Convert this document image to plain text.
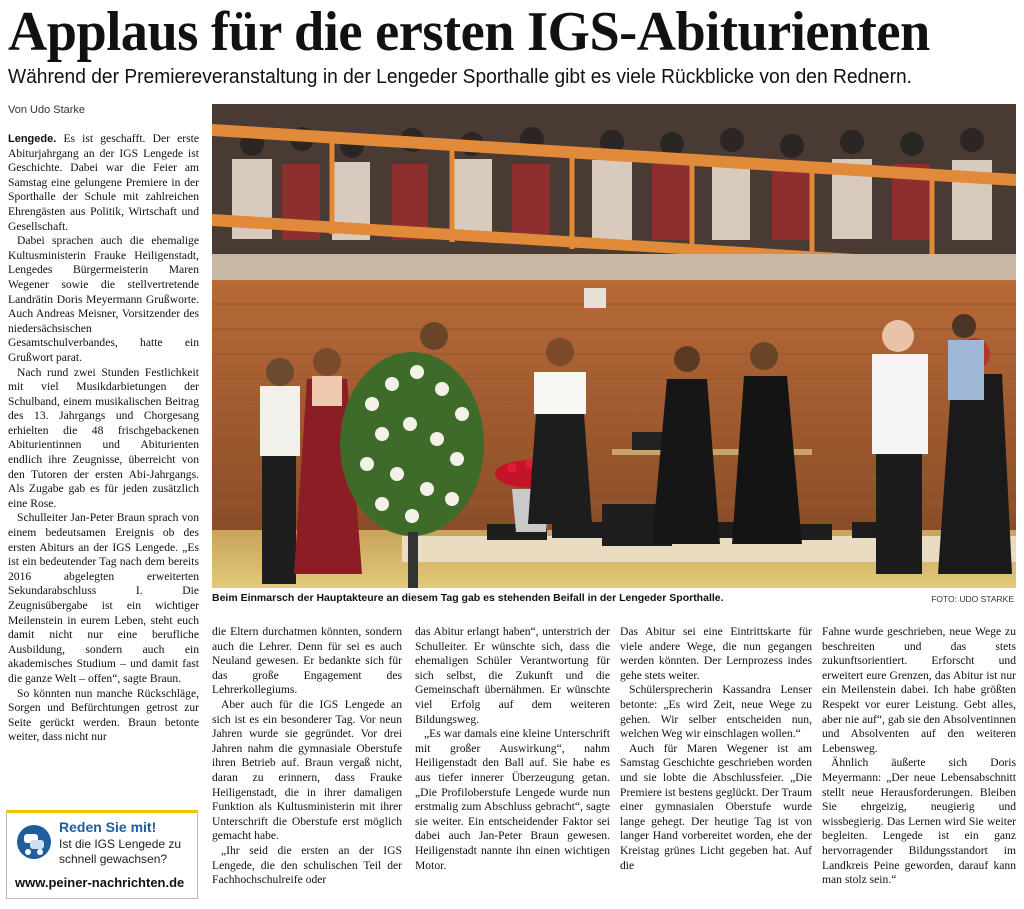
Applaus für die ersten IGS-Abiturienten
Während der Premiereveranstaltung in der Lengeder Sporthalle gibt es viele Rückblicke von den Rednern.
Von Udo Starke

Lengede. Es ist geschafft. Der erste Abiturjahrgang an der IGS Lengede ist Geschichte. Dabei war die Feier am Samstag eine gelungene Premiere in der Sporthalle der Schule mit zahlreichen Ehrengästen aus Politik, Wirtschaft und Gesellschaft.

Dabei sprachen auch die ehemalige Kultusministerin Frauke Heiligenstadt, Lengedes Bürgermeisterin Maren Wegener sowie die stellvertretende Landrätin Doris Meyermann Grußworte. Auch Andreas Meisner, Vorsitzender des niedersächsischen Gesamtschulverbandes, hatte ein Grußwort parat.

Nach rund zwei Stunden Festlichkeit mit viel Musikdarbietungen der Schulband, einem musikalischen Beitrag des 13. Jahrgangs und Chorgesang erhielten die 48 frischgebackenen Abiturientinnen und Abiturienten endlich ihre Zeugnisse, überreicht von den Tutoren der ersten Abi-Jahrgangs. Als Zugabe gab es für jeden zusätzlich eine Rose.

Schulleiter Jan-Peter Braun sprach von einem bedeutsamen Ereignis ob des ersten Abiturs an der IGS Lengede. „Es ist ein bedeutender Tag nach dem bereits 2016 abgelegten erweiterten Sekundarabschluss I. Die Zeugnisübergabe ist ein wichtiger Meilenstein in eurem Leben, steht euch damit nicht nur eine berufliche Ausbildung, sondern auch ein akademisches Studium – und damit fast die ganze Welt – offen“, sagte Braun.

So könnten nun manche Rückschläge, Sorgen und Befürchtungen getrost zur Seite gerückt werden. Braun betonte weiter, dass nicht nur

Beim Einmarsch der Hauptakteure an diesem Tag gab es stehenden Beifall in der Lengeder Sporthalle.	FOTO: UDO STARKE

die Eltern durchatmen könnten, sondern auch die Lehrer. Denn für sei es auch Neuland gewesen. Er bedankte sich für das große Engagement des Lehrerkollegiums.

Aber auch für die IGS Lengede an sich ist es ein besonderer Tag. Vor neun Jahren wurde sie gegründet. Vor drei Jahren nahm die gymnasiale Oberstufe ihren Betrieb auf. Braun vergaß nicht, daran zu erinnern, dass Frauke Heiligenstadt, die in ihrer damaligen Funktion als Kultusministerin mit ihrer Unterschrift die Oberstufe erst möglich gemacht habe.

„Ihr seid die ersten an der IGS Lengede, die den schulischen Teil der Fachhochschulreife oder

das Abitur erlangt haben“, unterstrich der Schulleiter. Er wünschte sich, dass die ehemaligen Schüler Verantwortung für sich selbst, die Zukunft und die Gemeinschaft übernähmen. Er wünschte viel Erfolg auf dem weiteren Bildungsweg.

„Es war damals eine kleine Unterschrift mit großer Auswirkung“, nahm Heiligenstadt den Ball auf. Sie habe es aus tiefer innerer Überzeugung getan. „Die Profiloberstufe Lengede wurde nun erstmalig zum Abschluss gebracht“, sagte sie weiter. Ein entscheidender Faktor sei dabei auch Jan-Peter Braun gewesen. Heiligenstadt nannte ihn einen wichtigen Motor.

Das Abitur sei eine Eintrittskarte für viele andere Wege, die nun gegangen werden könnten. Der Lernprozess indes gehe stets weiter.

Schülersprecherin Kassandra Lenser betonte: „Es wird Zeit, neue Wege zu gehen. Wir selber entscheiden nun, welchen Weg wir einschlagen wollen.“

Auch für Maren Wegener ist am Samstag Geschichte geschrieben worden und sie lobte die Abschlussfeier. „Die Premiere ist bestens geglückt. Der Traum einer gymnasialen Oberstufe wurde lange gehegt. Der heutige Tag ist von langer Hand vorbereitet worden, ehe der Kreistag grünes Licht gegeben hat. Auf die

Fahne wurde geschrieben, neue Wege zu beschreiten und das stets zukunftsorientiert. Erforscht und erweitert eure Grenzen, das Abitur ist nur ein Meilenstein dabei. Ich habe größten Respekt vor eurer Leistung. Gebt alles, aber nie auf“, gab sie den Absolventinnen und Absolventen auf den weiteren Lebensweg.

Ähnlich äußerte sich Doris Meyermann: „Der neue Lebensabschnitt stellt neue Herausforderungen. Bleiben Sie ehrgeizig, neugierig und wissbegierig. Das Lernen wird Sie weiter begleiten. Lengede ist ein ganz hervorragender Bildungsstandort im Landkreis Peine geworden, darauf kann man stolz sein.“

Reden Sie mit!
Ist die IGS Lengede zu schnell gewachsen?
www.peiner-nachrichten.de
